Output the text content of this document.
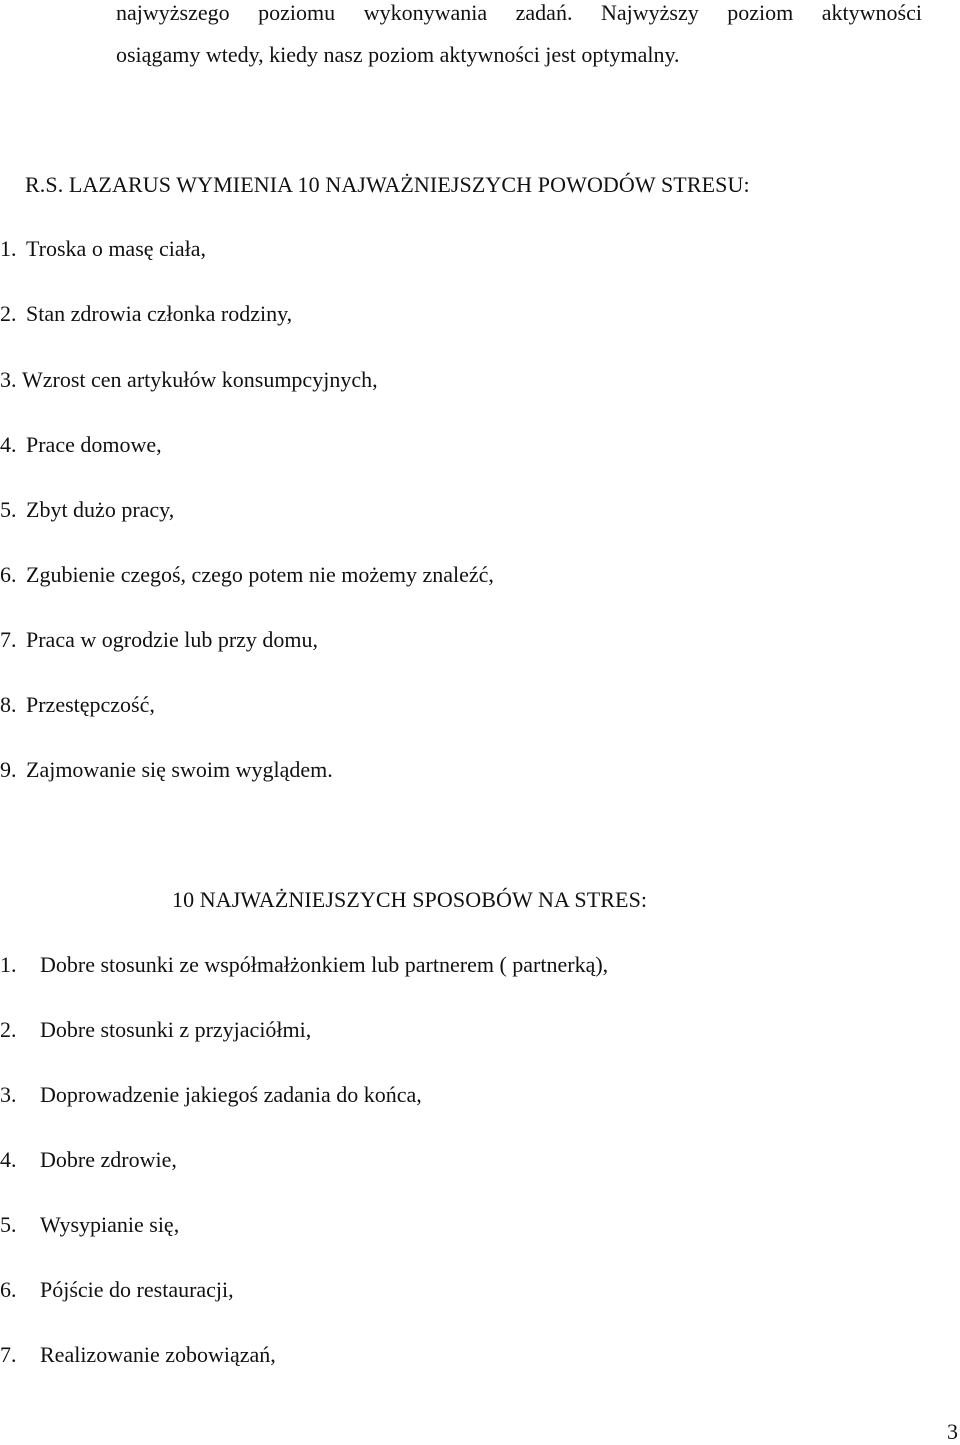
najwyższego poziomu wykonywania zadań. Najwyższy poziom aktywności
osiągamy wtedy, kiedy nasz poziom aktywności jest optymalny.
R.S. LAZARUS WYMIENIA 10 NAJWAŻNIEJSZYCH POWODÓW STRESU:
1. Troska o masę ciała,
2. Stan zdrowia członka rodziny,
3. Wzrost cen artykułów konsumpcyjnych,
4. Prace domowe,
5. Zbyt dużo pracy,
6. Zgubienie czegoś, czego potem nie możemy znaleźć,
7. Praca w ogrodzie lub przy domu,
8. Przestępczość,
9. Zajmowanie się swoim wyglądem.
10 NAJWAŻNIEJSZYCH SPOSOBÓW NA STRES:
1. Dobre stosunki ze współmałżonkiem lub partnerem ( partnerką),
2. Dobre stosunki z przyjaciółmi,
3. Doprowadzenie jakiegoś zadania do końca,
4. Dobre zdrowie,
5. Wysypianie się,
6. Pójście do restauracji,
7. Realizowanie zobowiązań,
3
